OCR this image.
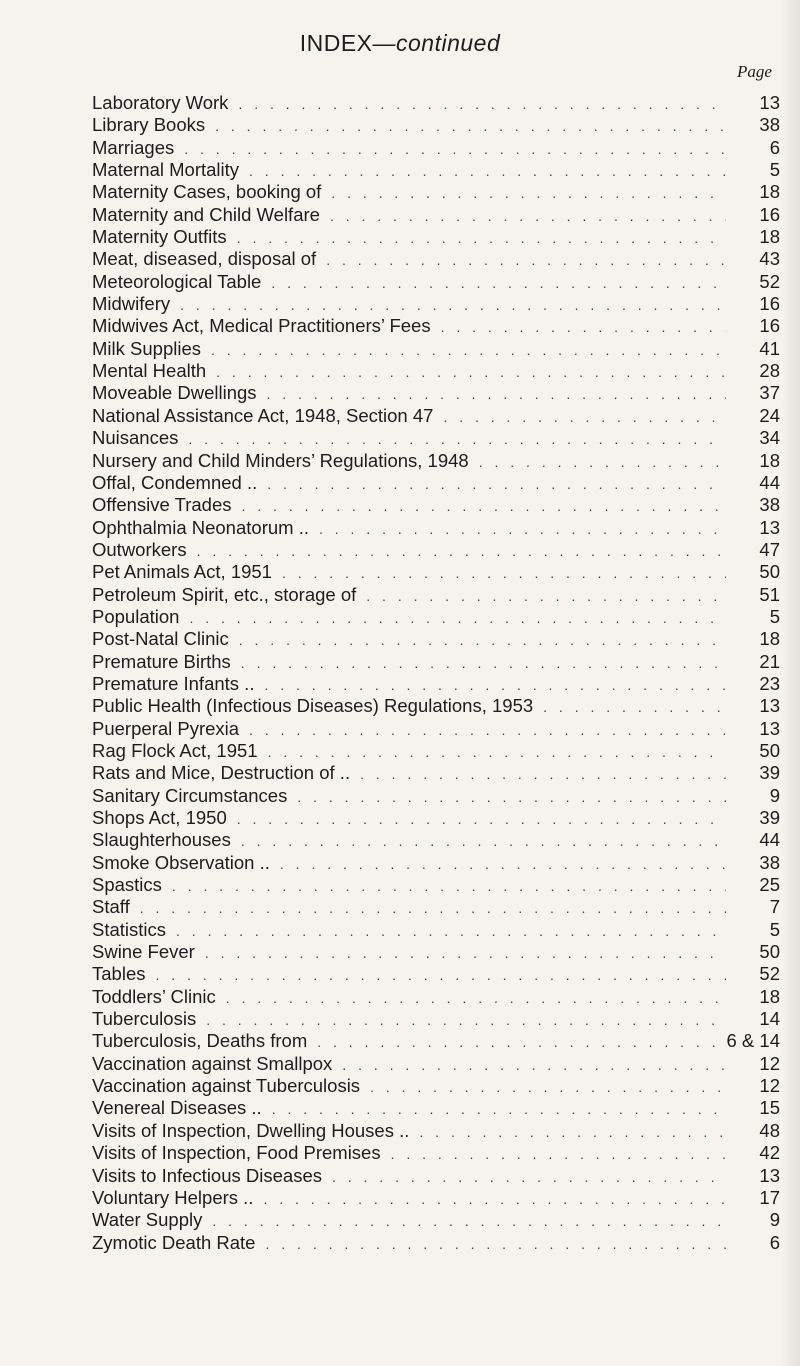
INDEX—continued
Page
Laboratory Work . . .	13
Library Books . . .	38
Marriages . . .	6
Maternal Mortality . . .	5
Maternity Cases, booking of . . .	18
Maternity and Child Welfare . . .	16
Maternity Outfits . . .	18
Meat, diseased, disposal of . . .	43
Meteorological Table . . .	52
Midwifery . . .	16
Midwives Act, Medical Practitioners’ Fees . . .	16
Milk Supplies . . .	41
Mental Health . . .	28
Moveable Dwellings . . .	37
National Assistance Act, 1948, Section 47 . . .	24
Nuisances . . .	34
Nursery and Child Minders’ Regulations, 1948 . . .	18
Offal, Condemned .. . . .	44
Offensive Trades . . .	38
Ophthalmia Neonatorum .. . . .	13
Outworkers . . .	47
Pet Animals Act, 1951 . . .	50
Petroleum Spirit, etc., storage of . . .	51
Population . . .	5
Post-Natal Clinic . . .	18
Premature Births . . .	21
Premature Infants .. . . .	23
Public Health (Infectious Diseases) Regulations, 1953 . . .	13
Puerperal Pyrexia . . .	13
Rag Flock Act, 1951 . . .	50
Rats and Mice, Destruction of .. . . .	39
Sanitary Circumstances . . .	9
Shops Act, 1950 . . .	39
Slaughterhouses . . .	44
Smoke Observation .. . . .	38
Spastics . . .	25
Staff . . .	7
Statistics . . .	5
Swine Fever . . .	50
Tables . . .	52
Toddlers’ Clinic . . .	18
Tuberculosis . . .	14
Tuberculosis, Deaths from . . .	6 & 14
Vaccination against Smallpox . . .	12
Vaccination against Tuberculosis . . .	12
Venereal Diseases .. . . .	15
Visits of Inspection, Dwelling Houses .. . . .	48
Visits of Inspection, Food Premises . . .	42
Visits to Infectious Diseases . . .	13
Voluntary Helpers .. . . .	17
Water Supply . . .	9
Zymotic Death Rate . . .	6
